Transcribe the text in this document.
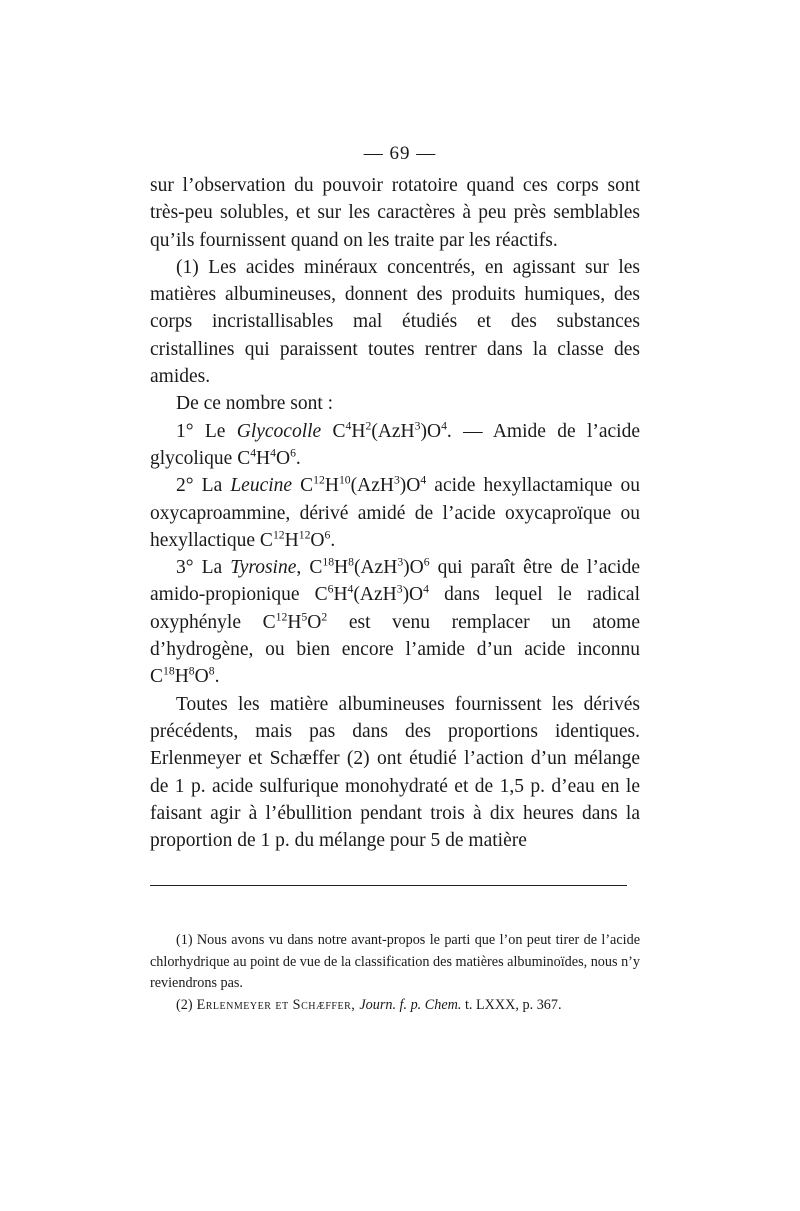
— 69 —

sur l’observation du pouvoir rotatoire quand ces corps sont très-peu solubles, et sur les caractères à peu près semblables qu’ils fournissent quand on les traite par les réactifs.

(1) Les acides minéraux concentrés, en agissant sur les matières albumineuses, donnent des produits humiques, des corps incristallisables mal étudiés et des substances cristallines qui paraissent toutes rentrer dans la classe des amides.

De ce nombre sont :

1° Le Glycocolle $C^4H^2(AzH^3)O^4$. — Amide de l’acide glycolique $C^4H^4O^6$.

2° La Leucine $C^{12}H^{10}(AzH^3)O^4$ acide hexyllactamique ou oxycaproammine, dérivé amidé de l’acide oxycaproïque ou hexyllactique $C^{12}H^{12}O^6$.

3° La Tyrosine, $C^{18}H^8(AzH^3)O^6$ qui paraît être de l’acide amido-propionique $C^6H^4(AzH^3)O^4$ dans lequel le radical oxyphényle $C^{12}H^5O^2$ est venu remplacer un atome d’hydrogène, ou bien encore l’amide d’un acide inconnu $C^{18}H^8O^8$.

Toutes les matière albumineuses fournissent les dérivés précédents, mais pas dans des proportions identiques. Erlenmeyer et Schæffer (2) ont étudié l’action d’un mélange de 1 p. acide sulfurique monohydraté et de 1,5 p. d’eau en le faisant agir à l’ébullition pendant trois à dix heures dans la proportion de 1 p. du mélange pour 5 de matière

(1) Nous avons vu dans notre avant-propos le parti que l’on peut tirer de l’acide chlorhydrique au point de vue de la classification des matières albuminoïdes, nous n’y reviendrons pas.

(2) Erlenmeyer et Schæffer, Journ. f. p. Chem. t. LXXX, p. 367.
